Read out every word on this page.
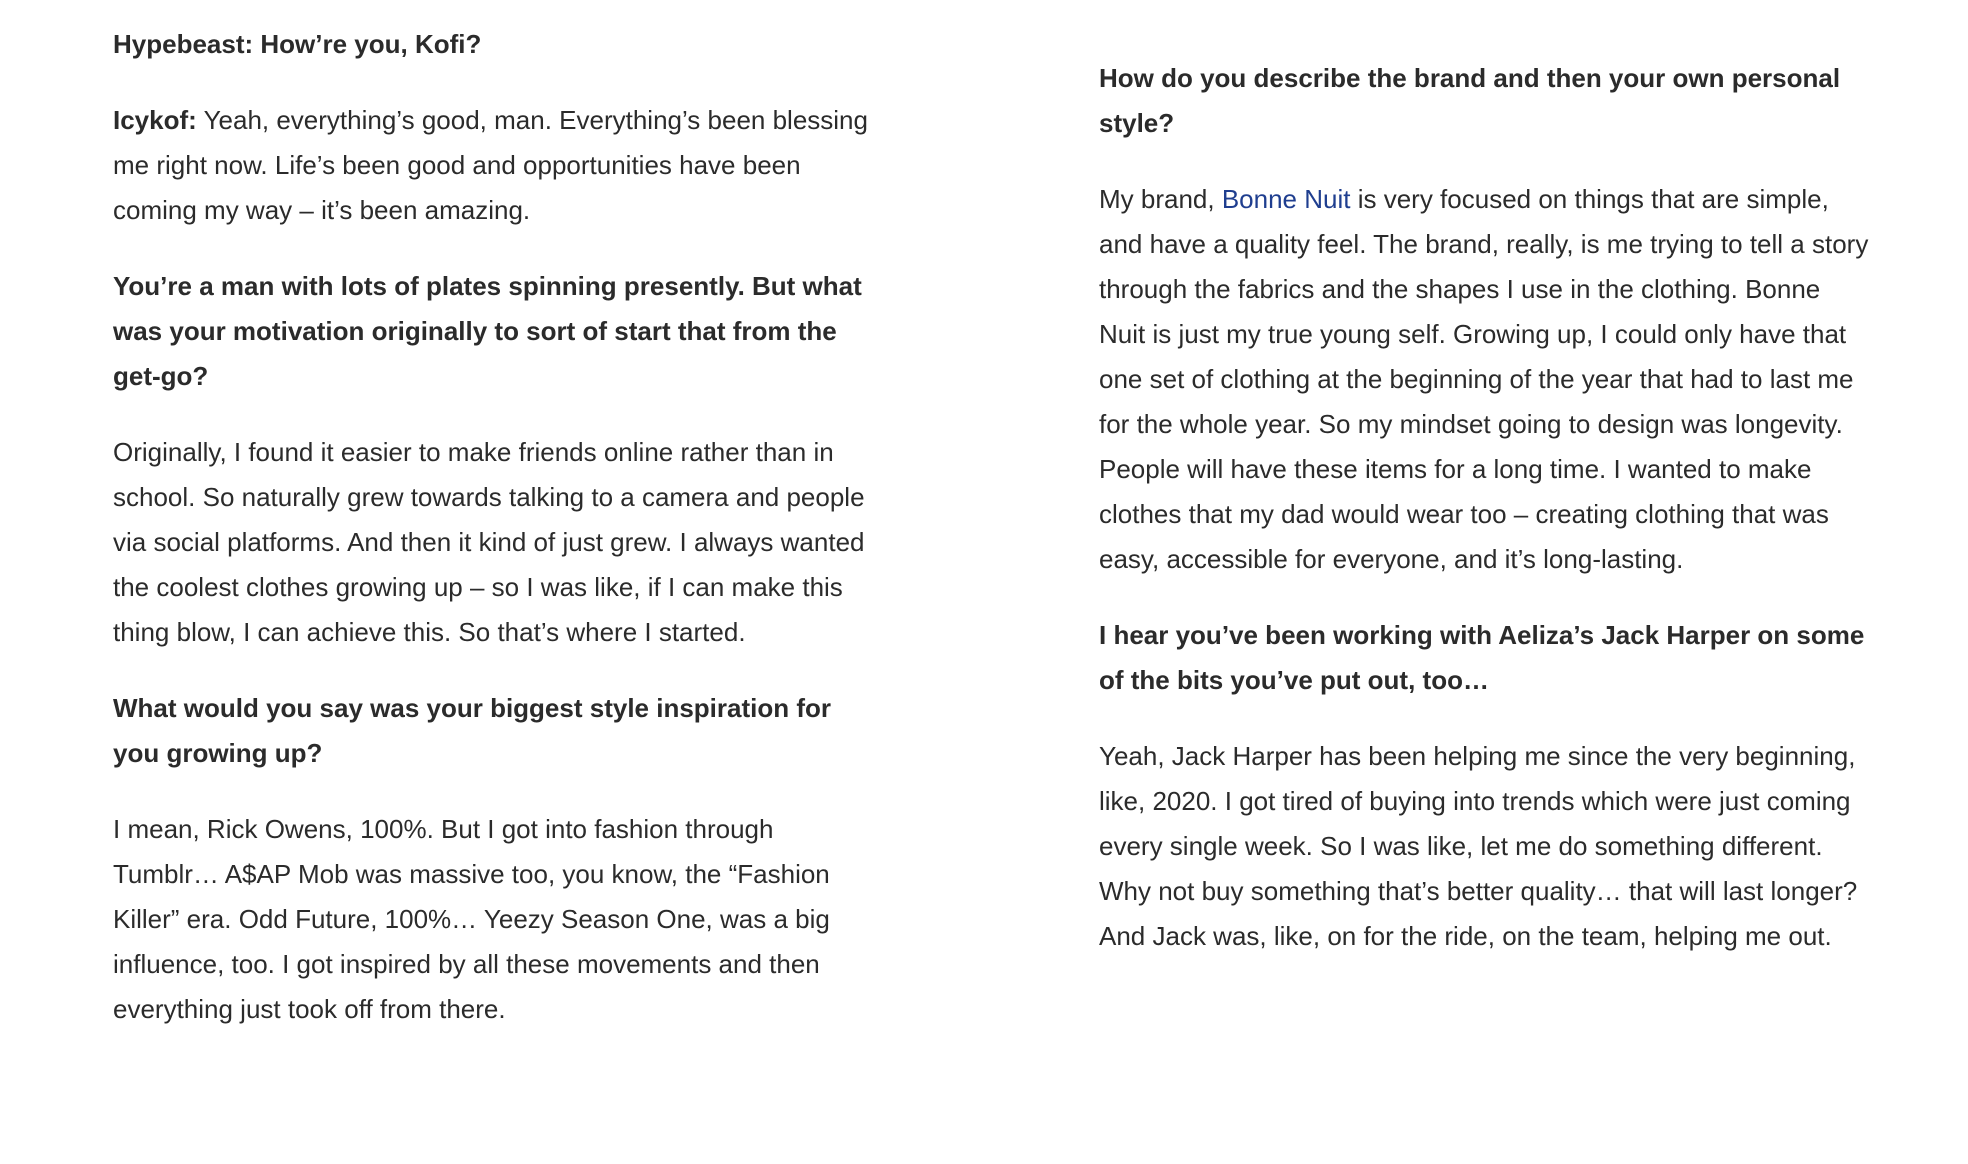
Hypebeast: How’re you, Kofi?

Icykof: Yeah, everything’s good, man. Everything’s been blessing me right now. Life’s been good and opportunities have been coming my way – it’s been amazing.

You’re a man with lots of plates spinning presently. But what was your motivation originally to sort of start that from the get-go?

Originally, I found it easier to make friends online rather than in school. So naturally grew towards talking to a camera and people via social platforms. And then it kind of just grew. I always wanted the coolest clothes growing up – so I was like, if I can make this thing blow, I can achieve this. So that’s where I started.

What would you say was your biggest style inspiration for you growing up?

I mean, Rick Owens, 100%. But I got into fashion through Tumblr… A$AP Mob was massive too, you know, the “Fashion Killer” era. Odd Future, 100%… Yeezy Season One, was a big influence, too. I got inspired by all these movements and then everything just took off from there.

How do you describe the brand and then your own personal style?

My brand, Bonne Nuit is very focused on things that are simple, and have a quality feel. The brand, really, is me trying to tell a story through the fabrics and the shapes I use in the clothing. Bonne Nuit is just my true young self. Growing up, I could only have that one set of clothing at the beginning of the year that had to last me for the whole year. So my mindset going to design was longevity. People will have these items for a long time. I wanted to make clothes that my dad would wear too – creating clothing that was easy, accessible for everyone, and it’s long-lasting.

I hear you’ve been working with Aeliza’s Jack Harper on some of the bits you’ve put out, too…

Yeah, Jack Harper has been helping me since the very beginning, like, 2020. I got tired of buying into trends which were just coming every single week. So I was like, let me do something different. Why not buy something that’s better quality… that will last longer? And Jack was, like, on for the ride, on the team, helping me out.
